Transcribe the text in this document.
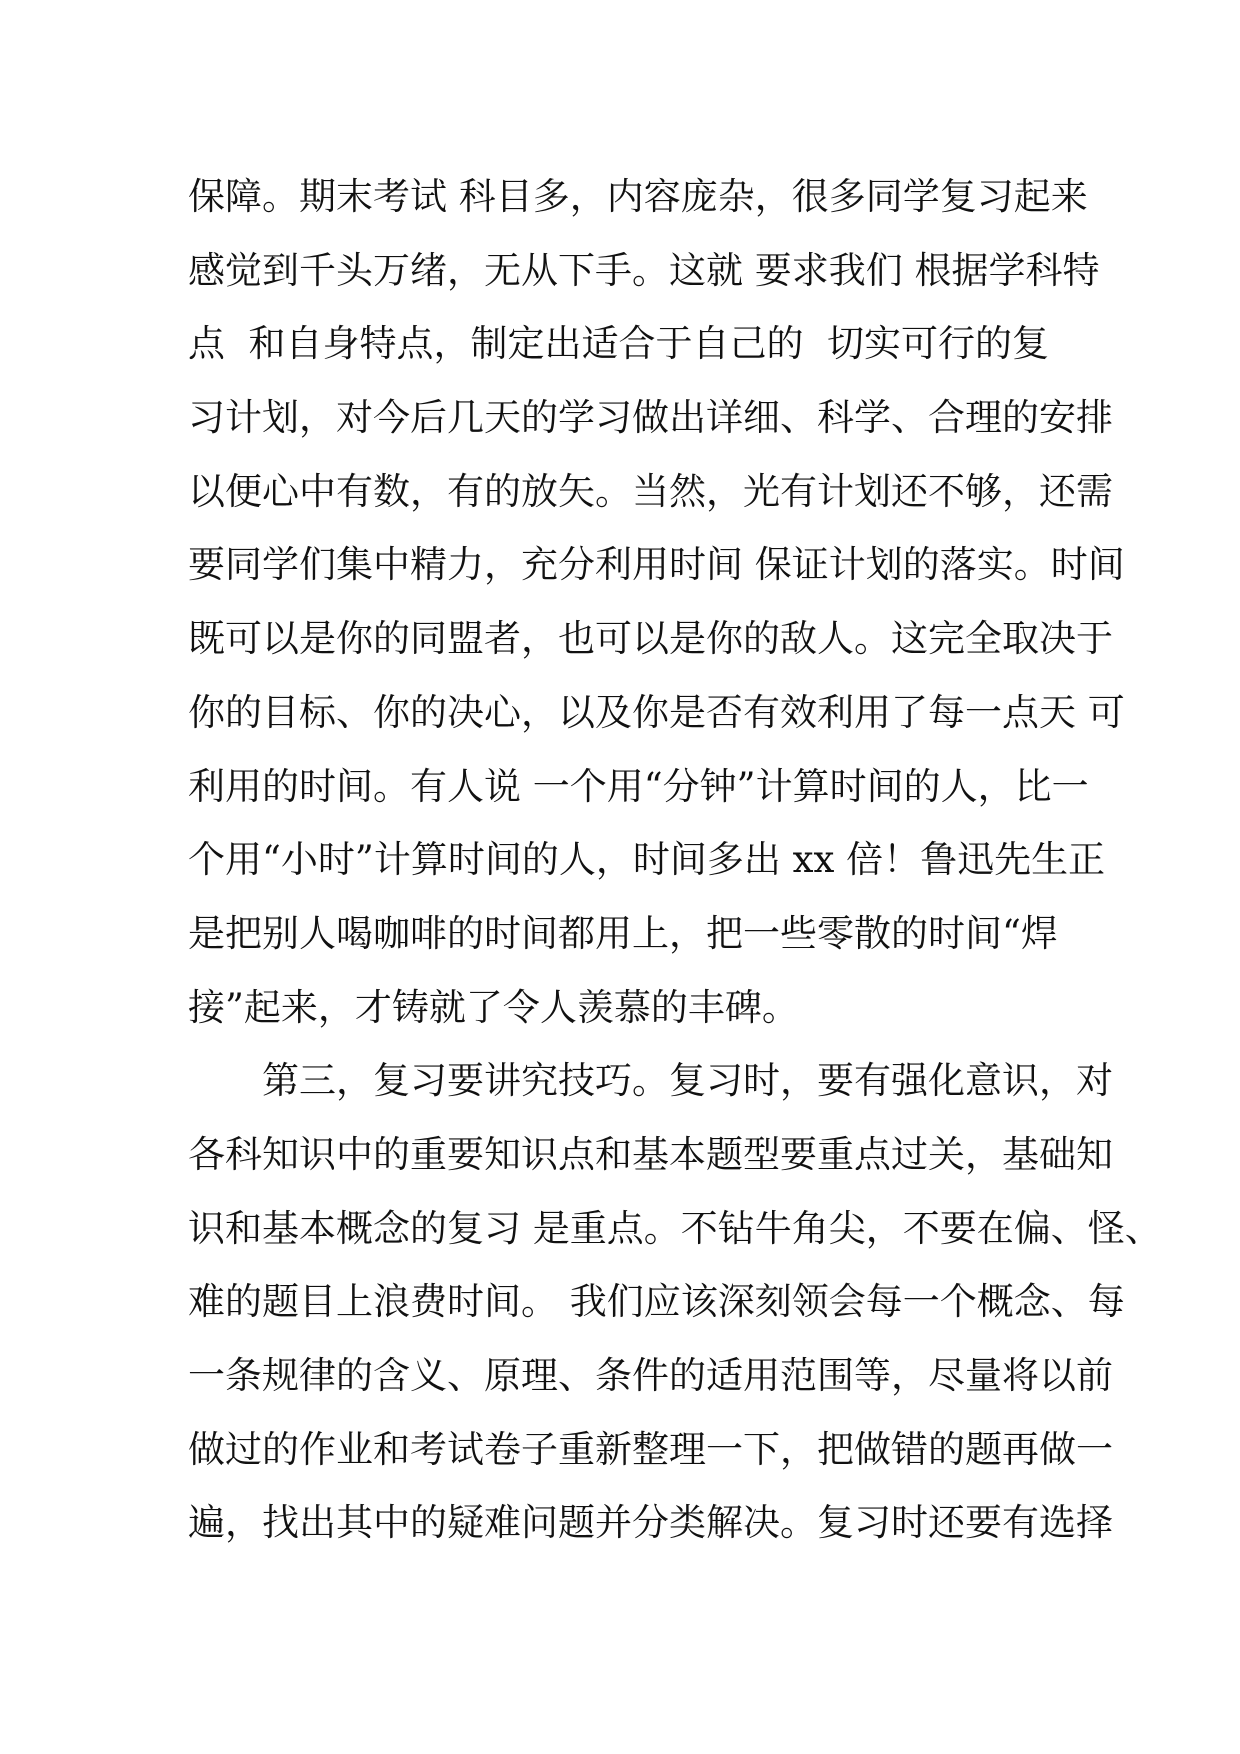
保障。期末考试 科目多，内容庞杂，很多同学复习起来
感觉到千头万绪，无从下手。这就 要求我们 根据学科特
点  和自身特点，制定出适合于自己的  切实可行的复
习计划，对今后几天的学习做出详细、科学、合理的安排
以便心中有数，有的放矢。当然，光有计划还不够，还需
要同学们集中精力，充分利用时间 保证计划的落实。时间
既可以是你的同盟者，也可以是你的敌人。这完全取决于
你的目标、你的决心，以及你是否有效利用了每一点天 可
利用的时间。有人说 一个用“分钟”计算时间的人，比一
个用“小时”计算时间的人，时间多出 xx 倍！鲁迅先生正
是把别人喝咖啡的时间都用上，把一些零散的时间“焊
接”起来，才铸就了令人羡慕的丰碑。
　　第三，复习要讲究技巧。复习时，要有强化意识，对
各科知识中的重要知识点和基本题型要重点过关，基础知
识和基本概念的复习 是重点。不钻牛角尖，不要在偏、怪、
难的题目上浪费时间。 我们应该深刻领会每一个概念、每
一条规律的含义、原理、条件的适用范围等，尽量将以前
做过的作业和考试卷子重新整理一下，把做错的题再做一
遍，找出其中的疑难问题并分类解决。复习时还要有选择
